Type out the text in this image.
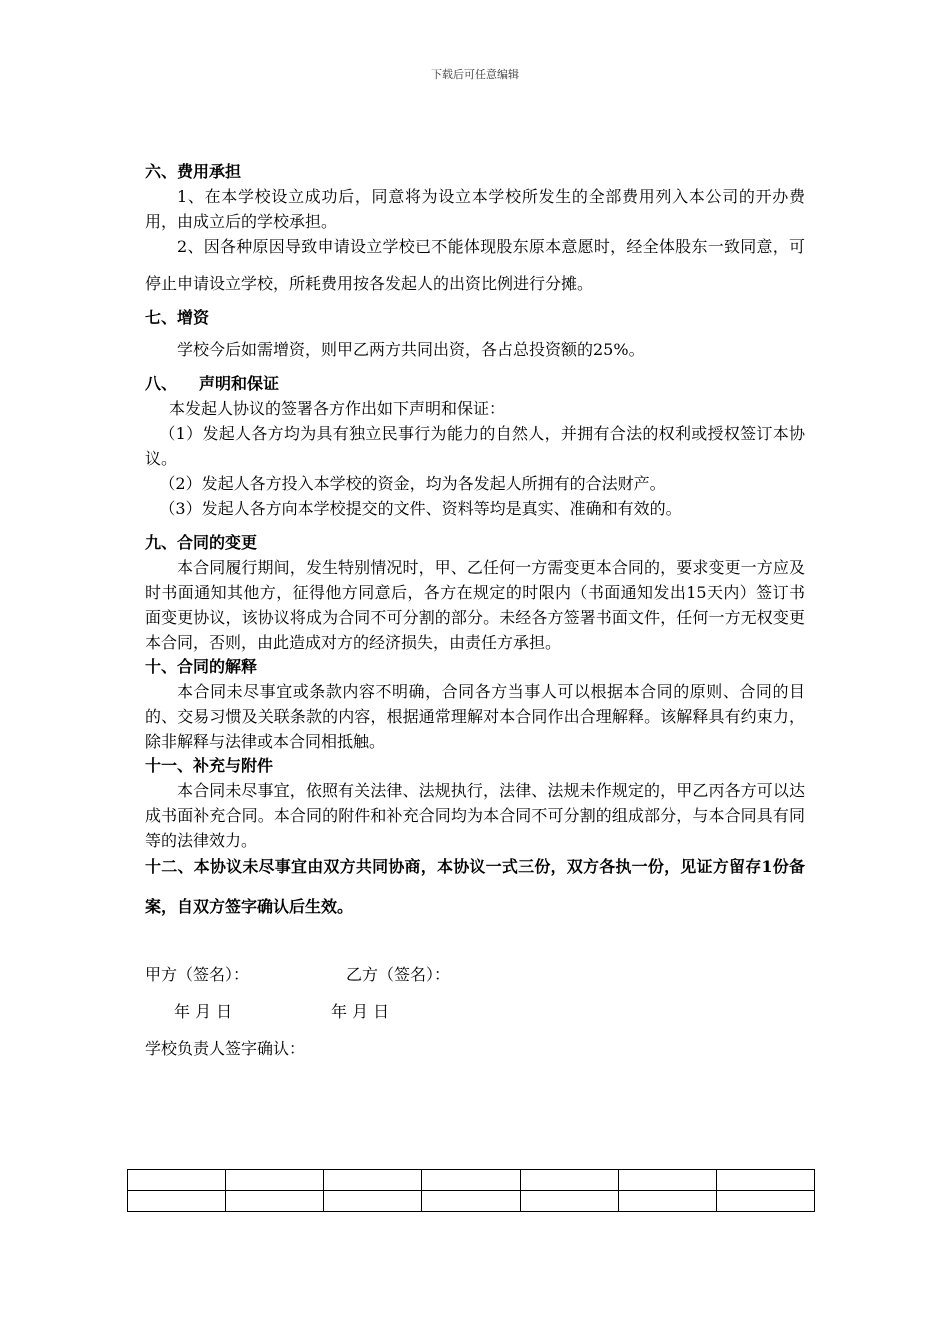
下载后可任意编辑

六、费用承担

1、在本学校设立成功后，同意将为设立本学校所发生的全部费用列入本公司的开办费用，由成立后的学校承担。

2、因各种原因导致申请设立学校已不能体现股东原本意愿时，经全体股东一致同意，可停止申请设立学校，所耗费用按各发起人的出资比例进行分摊。

七、增资

学校今后如需增资，则甲乙两方共同出资，各占总投资额的25%。

八、 声明和保证

本发起人协议的签署各方作出如下声明和保证：

（1）发起人各方均为具有独立民事行为能力的自然人，并拥有合法的权利或授权签订本协议。

（2）发起人各方投入本学校的资金，均为各发起人所拥有的合法财产。

（3）发起人各方向本学校提交的文件、资料等均是真实、准确和有效的。

九、合同的变更

本合同履行期间，发生特别情况时，甲、乙任何一方需变更本合同的，要求变更一方应及时书面通知其他方，征得他方同意后，各方在规定的时限内（书面通知发出15天内）签订书面变更协议，该协议将成为合同不可分割的部分。未经各方签署书面文件，任何一方无权变更本合同，否则，由此造成对方的经济损失，由责任方承担。

十、合同的解释

本合同未尽事宜或条款内容不明确，合同各方当事人可以根据本合同的原则、合同的目的、交易习惯及关联条款的内容，根据通常理解对本合同作出合理解释。该解释具有约束力，除非解释与法律或本合同相抵触。

十一、补充与附件

本合同未尽事宜，依照有关法律、法规执行，法律、法规未作规定的，甲乙丙各方可以达成书面补充合同。本合同的附件和补充合同均为本合同不可分割的组成部分，与本合同具有同等的法律效力。

十二、本协议未尽事宜由双方共同协商，本协议一式三份，双方各执一份，见证方留存1份备案，自双方签字确认后生效。

甲方（签名）：	乙方（签名）：
年 月 日	年 月 日
学校负责人签字确认：
